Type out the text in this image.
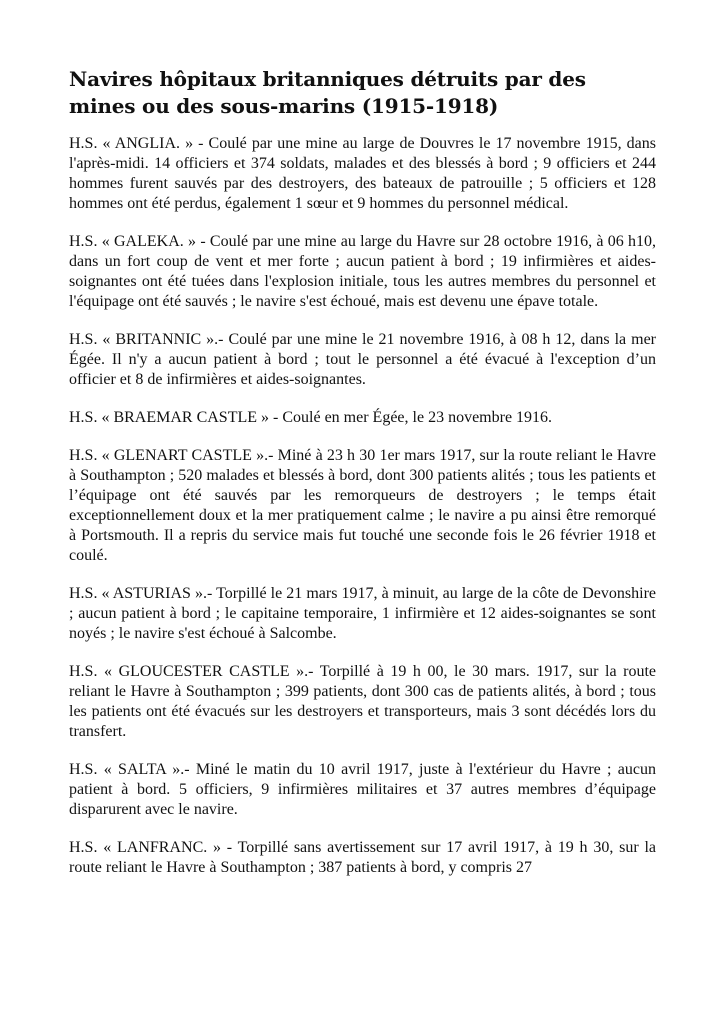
Navires hôpitaux britanniques détruits par des mines ou des sous-marins (1915-1918)

H.S. « ANGLIA. » - Coulé par une mine au large de Douvres le 17 novembre 1915, dans l'après-midi. 14 officiers et 374 soldats, malades et des blessés à bord ; 9 officiers et 244 hommes furent sauvés par des destroyers, des bateaux de patrouille ; 5 officiers et 128 hommes ont été perdus, également 1 sœur et 9 hommes du personnel médical.

H.S. « GALEKA. » - Coulé par une mine au large du Havre sur 28 octobre 1916, à 06 h10, dans un fort coup de vent et mer forte ; aucun patient à bord ; 19 infirmières et aides-soignantes ont été tuées dans l'explosion initiale, tous les autres membres du personnel et l'équipage ont été sauvés ; le navire s'est échoué, mais est devenu une épave totale.

H.S. « BRITANNIC ».- Coulé par une mine le 21 novembre 1916, à 08 h 12, dans la mer Égée. Il n'y a aucun patient à bord ; tout le personnel a été évacué à l'exception d’un officier et 8 de infirmières et aides-soignantes.

H.S. « BRAEMAR CASTLE » - Coulé en mer Égée, le 23 novembre 1916.

H.S. « GLENART CASTLE ».- Miné à 23 h 30 1er mars 1917, sur la route reliant le Havre à Southampton ; 520 malades et blessés à bord, dont 300 patients alités ; tous les patients et l’équipage ont été sauvés par les remorqueurs de destroyers ; le temps était exceptionnellement doux et la mer pratiquement calme ; le navire a pu ainsi être remorqué à Portsmouth. Il a repris du service mais fut touché une seconde fois le 26 février 1918 et coulé.

H.S. « ASTURIAS ».- Torpillé le 21 mars 1917, à minuit, au large de la côte de Devonshire ; aucun patient à bord ; le capitaine temporaire, 1 infirmière et 12 aides-soignantes se sont noyés ; le navire s'est échoué à Salcombe.

H.S. « GLOUCESTER CASTLE ».- Torpillé à 19 h 00, le 30 mars. 1917, sur la route reliant le Havre à Southampton ; 399 patients, dont 300 cas de patients alités, à bord ; tous les patients ont été évacués sur les destroyers et transporteurs, mais 3 sont décédés lors du transfert.

H.S. « SALTA ».- Miné le matin du 10 avril 1917, juste à l'extérieur du Havre ; aucun patient à bord. 5 officiers, 9 infirmières militaires et 37 autres membres d’équipage disparurent avec le navire.

H.S. « LANFRANC. » - Torpillé sans avertissement sur 17 avril 1917, à 19 h 30, sur la route reliant le Havre à Southampton ; 387 patients à bord, y compris 27
